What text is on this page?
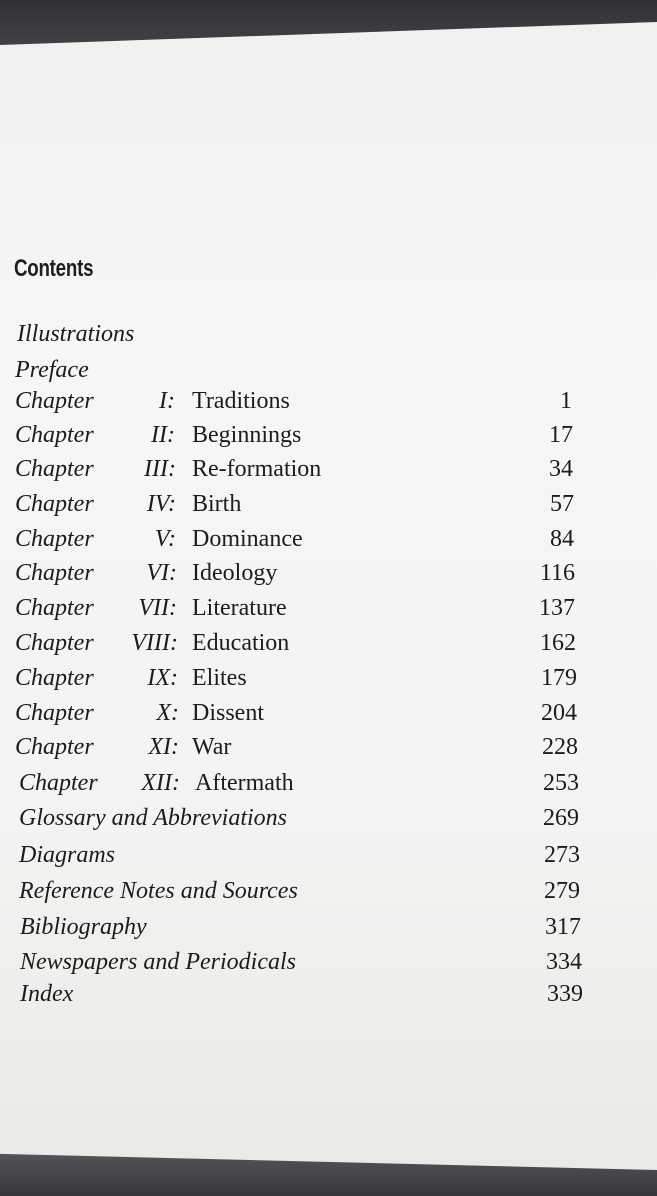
Contents
Illustrations
Preface
Chapter	I: Traditions	1
Chapter	II: Beginnings	17
Chapter	III: Re-formation	34
Chapter	IV: Birth	57
Chapter	V: Dominance	84
Chapter	VI: Ideology	116
Chapter	VII: Literature	137
Chapter	VIII: Education	162
Chapter	IX: Elites	179
Chapter	X: Dissent	204
Chapter	XI: War	228
Chapter	XII: Aftermath	253
Glossary and Abbreviations	269
Diagrams	273
Reference Notes and Sources	279
Bibliography	317
Newspapers and Periodicals	334
Index	339
